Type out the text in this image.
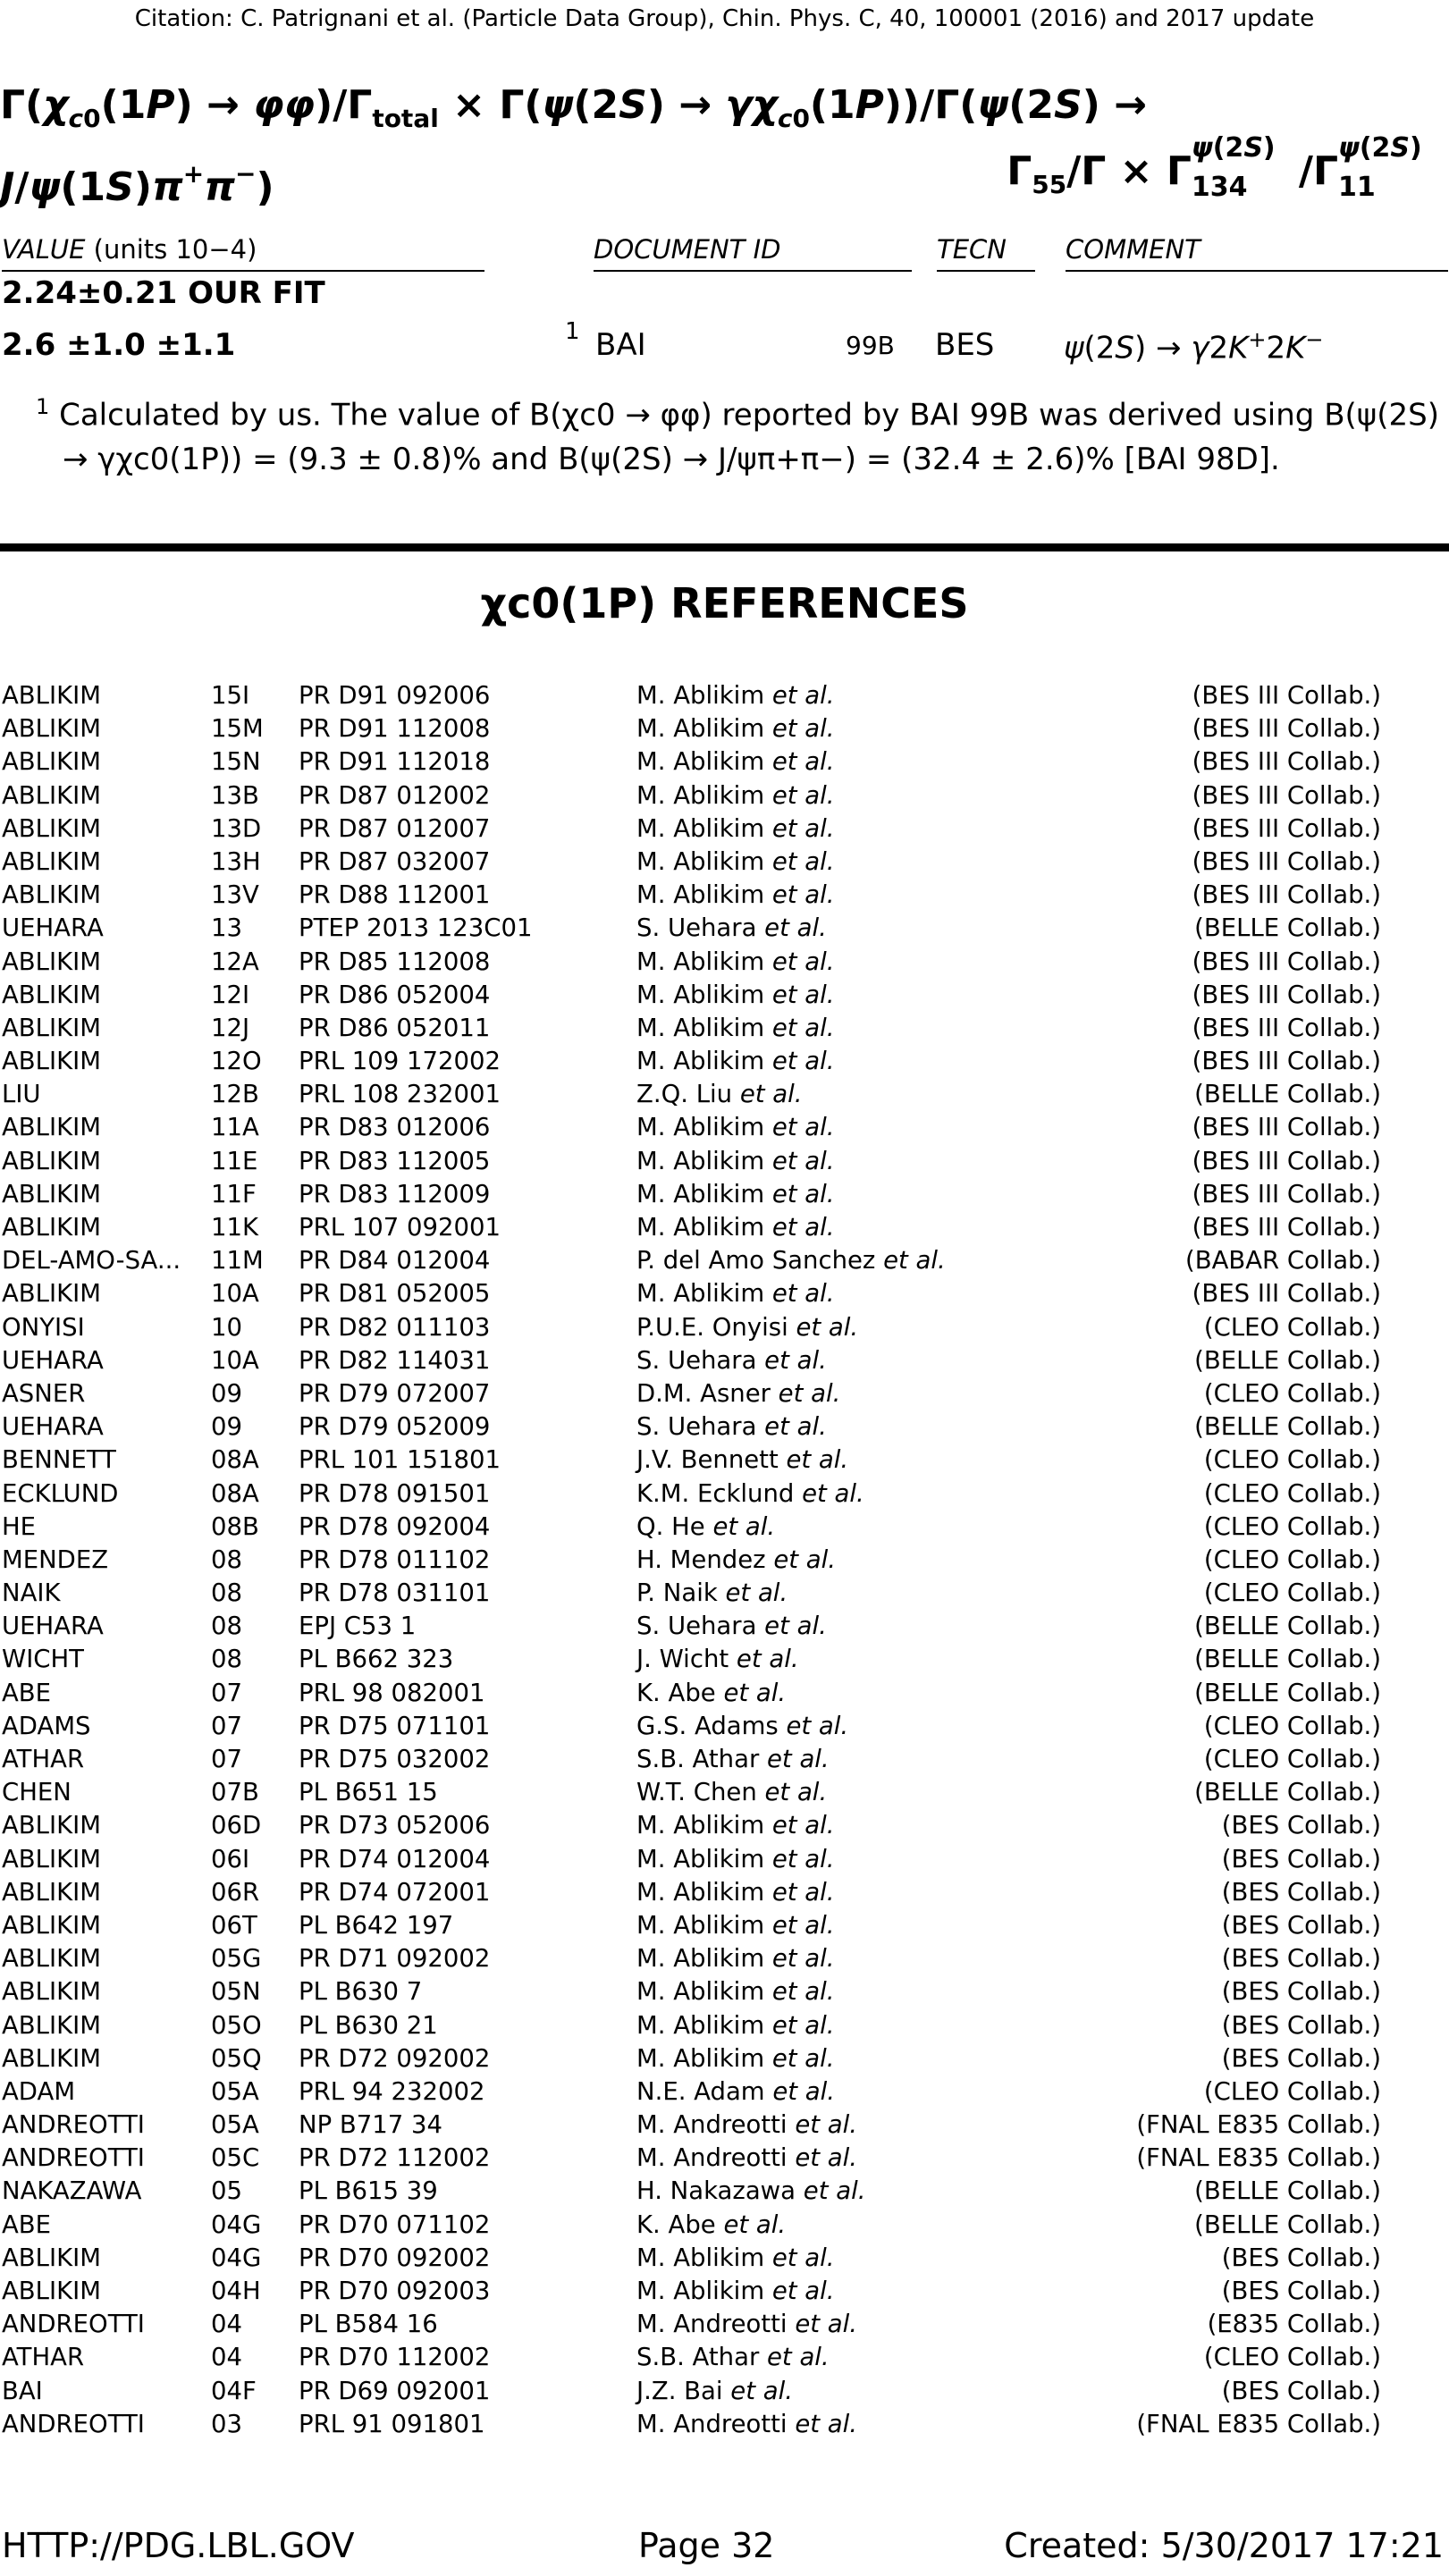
Citation: C. Patrignani et al. (Particle Data Group), Chin. Phys. C, 40, 100001 (2016) and 2017 update
$\Gamma(\chi_{c0}(1P) \to \varphi\varphi)/\Gamma_{total} \times \Gamma(\psi(2S) \to \gamma\chi_{c0}(1P))/\Gamma(\psi(2S)$ →
J/ψ(1S)π+π−)	$\Gamma_{55}/\Gamma \times \Gamma$
ψ(2S)
134 /Γ
ψ(2S)
11
VALUE (units 10−4)	DOCUMENT ID	TECN	COMMENT
2.24±0.21 OUR FIT
2.6 ±1.0 ±1.1	1 BAI	99B BES ψ(2S) → γ2K+2K−

$^1$ Calculated by us. The value of B(χc0 → φφ) reported by BAI 99B was derived using B(ψ(2S) → γχc0(1P)) = (9.3 ± 0.8)% and B(ψ(2S) → J/ψπ+π−) = (32.4 ± 2.6)% [BAI 98D].

χc0(1P) REFERENCES
ABLIKIM	15I PR D91 092006	M. Ablikim et al.	(BES III Collab.)
ABLIKIM	15M PR D91 112008	M. Ablikim et al.	(BES III Collab.)
ABLIKIM	15N PR D91 112018	M. Ablikim et al.	(BES III Collab.)
ABLIKIM	13B PR D87 012002	M. Ablikim et al.	(BES III Collab.)
ABLIKIM	13D PR D87 012007	M. Ablikim et al.	(BES III Collab.)
ABLIKIM	13H PR D87 032007	M. Ablikim et al.	(BES III Collab.)
ABLIKIM	13V PR D88 112001	M. Ablikim et al.	(BES III Collab.)
UEHARA	13 PTEP 2013 123C01	S. Uehara et al.	(BELLE Collab.)
ABLIKIM	12A PR D85 112008	M. Ablikim et al.	(BES III Collab.)
ABLIKIM	12I PR D86 052004	M. Ablikim et al.	(BES III Collab.)
ABLIKIM	12J PR D86 052011	M. Ablikim et al.	(BES III Collab.)
ABLIKIM	12O PRL 109 172002	M. Ablikim et al.	(BES III Collab.)
LIU	12B PRL 108 232001	Z.Q. Liu et al.	(BELLE Collab.)
ABLIKIM	11A PR D83 012006	M. Ablikim et al.	(BES III Collab.)
ABLIKIM	11E PR D83 112005	M. Ablikim et al.	(BES III Collab.)
ABLIKIM	11F PR D83 112009	M. Ablikim et al.	(BES III Collab.)
ABLIKIM	11K PRL 107 092001	M. Ablikim et al.	(BES III Collab.)
DEL-AMO-SA... 11M PR D84 012004	P. del Amo Sanchez et al.	(BABAR Collab.)
ABLIKIM	10A PR D81 052005	M. Ablikim et al.	(BES III Collab.)
ONYISI	10 PR D82 011103	P.U.E. Onyisi et al.	(CLEO Collab.)
UEHARA	10A PR D82 114031	S. Uehara et al.	(BELLE Collab.)
ASNER	09 PR D79 072007	D.M. Asner et al.	(CLEO Collab.)
UEHARA	09 PR D79 052009	S. Uehara et al.	(BELLE Collab.)
BENNETT	08A PRL 101 151801	J.V. Bennett et al.	(CLEO Collab.)
ECKLUND	08A PR D78 091501	K.M. Ecklund et al.	(CLEO Collab.)
HE	08B PR D78 092004	Q. He et al.	(CLEO Collab.)
MENDEZ	08 PR D78 011102	H. Mendez et al.	(CLEO Collab.)
NAIK	08 PR D78 031101	P. Naik et al.	(CLEO Collab.)
UEHARA	08 EPJ C53 1	S. Uehara et al.	(BELLE Collab.)
WICHT	08 PL B662 323	J. Wicht et al.	(BELLE Collab.)
ABE	07 PRL 98 082001	K. Abe et al.	(BELLE Collab.)
ADAMS	07 PR D75 071101	G.S. Adams et al.	(CLEO Collab.)
ATHAR	07 PR D75 032002	S.B. Athar et al.	(CLEO Collab.)
CHEN	07B PL B651 15	W.T. Chen et al.	(BELLE Collab.)
ABLIKIM	06D PR D73 052006	M. Ablikim et al.	(BES Collab.)
ABLIKIM	06I PR D74 012004	M. Ablikim et al.	(BES Collab.)
ABLIKIM	06R PR D74 072001	M. Ablikim et al.	(BES Collab.)
ABLIKIM	06T PL B642 197	M. Ablikim et al.	(BES Collab.)
ABLIKIM	05G PR D71 092002	M. Ablikim et al.	(BES Collab.)
ABLIKIM	05N PL B630 7	M. Ablikim et al.	(BES Collab.)
ABLIKIM	05O PL B630 21	M. Ablikim et al.	(BES Collab.)
ABLIKIM	05Q PR D72 092002	M. Ablikim et al.	(BES Collab.)
ADAM	05A PRL 94 232002	N.E. Adam et al.	(CLEO Collab.)
ANDREOTTI	05A NP B717 34	M. Andreotti et al.	(FNAL E835 Collab.)
ANDREOTTI	05C PR D72 112002	M. Andreotti et al.	(FNAL E835 Collab.)
NAKAZAWA	05 PL B615 39	H. Nakazawa et al.	(BELLE Collab.)
ABE	04G PR D70 071102	K. Abe et al.	(BELLE Collab.)
ABLIKIM	04G PR D70 092002	M. Ablikim et al.	(BES Collab.)
ABLIKIM	04H PR D70 092003	M. Ablikim et al.	(BES Collab.)
ANDREOTTI	04 PL B584 16	M. Andreotti et al.	(E835 Collab.)
ATHAR	04 PR D70 112002	S.B. Athar et al.	(CLEO Collab.)
BAI	04F PR D69 092001	J.Z. Bai et al.	(BES Collab.)
ANDREOTTI	03 PRL 91 091801	M. Andreotti et al.	(FNAL E835 Collab.)
HTTP://PDG.LBL.GOV	Page 32	Created: 5/30/2017 17:21
